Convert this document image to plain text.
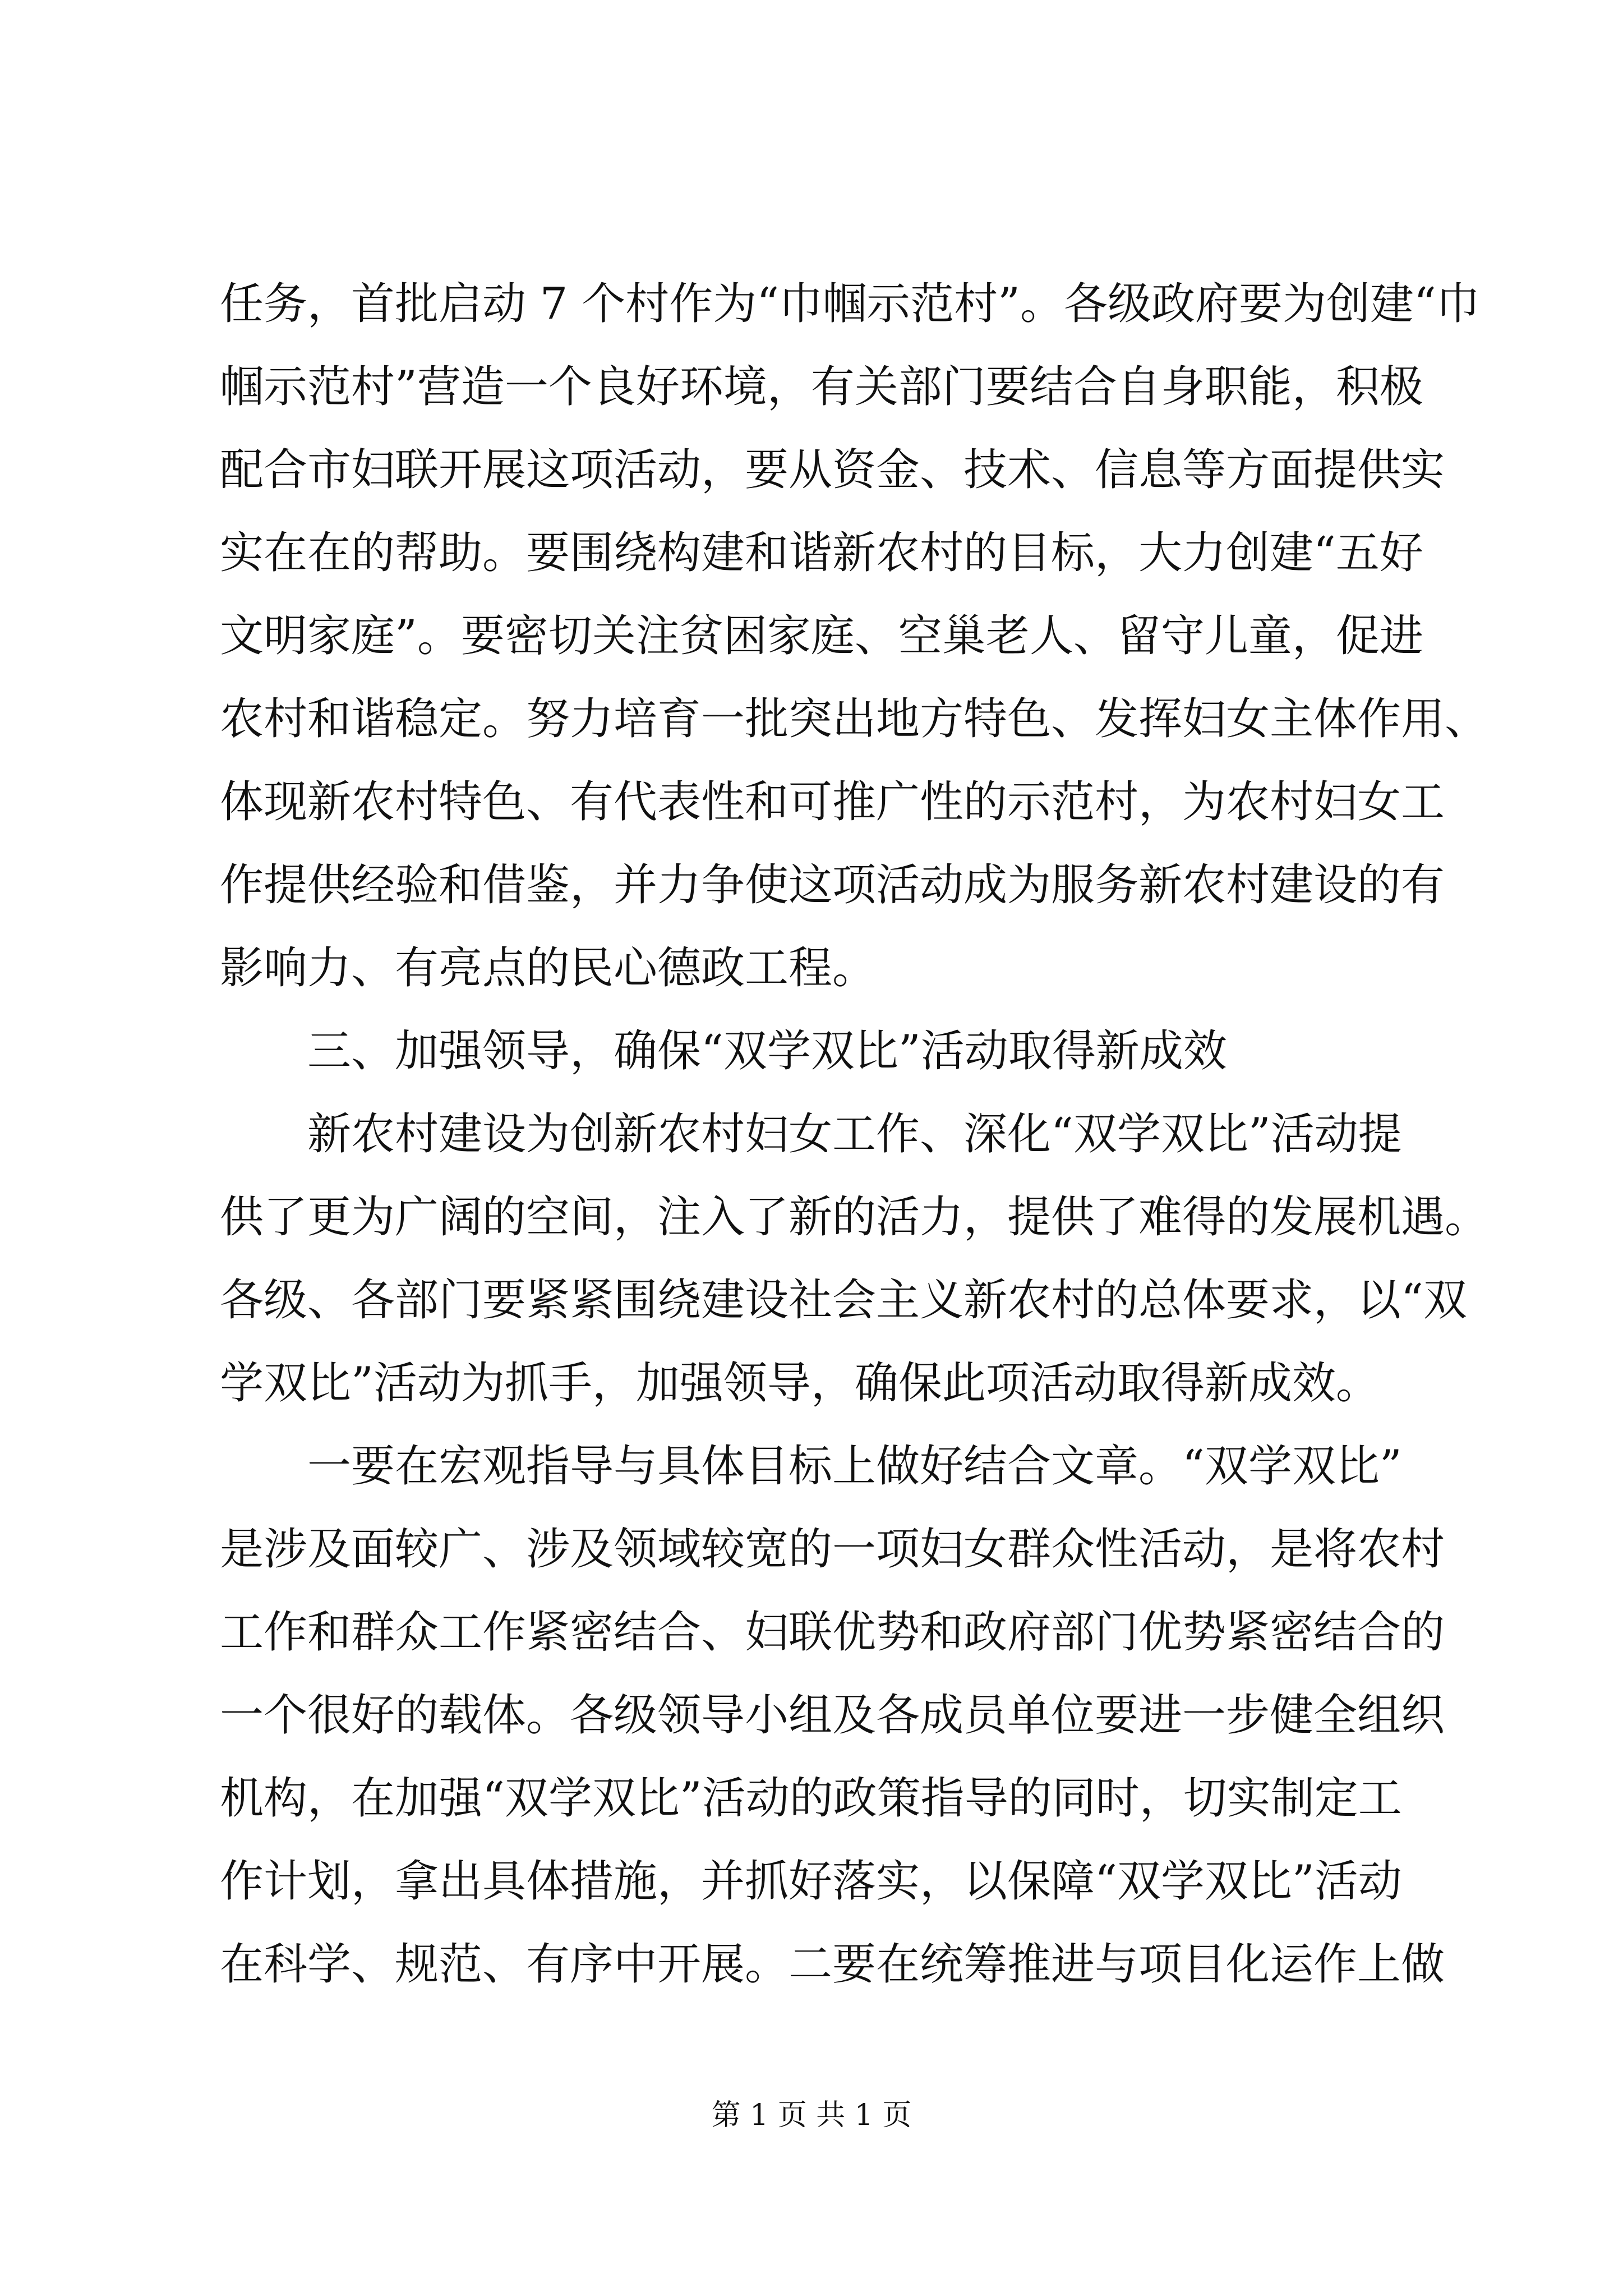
任务，首批启动 7 个村作为“巾帼示范村”。各级政府要为创建“巾
帼示范村”营造一个良好环境，有关部门要结合自身职能，积极
配合市妇联开展这项活动，要从资金、技术、信息等方面提供实
实在在的帮助。要围绕构建和谐新农村的目标，大力创建“五好
文明家庭”。要密切关注贫困家庭、空巢老人、留守儿童，促进
农村和谐稳定。努力培育一批突出地方特色、发挥妇女主体作用、
体现新农村特色、有代表性和可推广性的示范村，为农村妇女工
作提供经验和借鉴，并力争使这项活动成为服务新农村建设的有
影响力、有亮点的民心德政工程。
　　三、加强领导，确保“双学双比”活动取得新成效
　　新农村建设为创新农村妇女工作、深化“双学双比”活动提
供了更为广阔的空间，注入了新的活力，提供了难得的发展机遇。
各级、各部门要紧紧围绕建设社会主义新农村的总体要求，以“双
学双比”活动为抓手，加强领导，确保此项活动取得新成效。
　　一要在宏观指导与具体目标上做好结合文章。“双学双比”
是涉及面较广、涉及领域较宽的一项妇女群众性活动，是将农村
工作和群众工作紧密结合、妇联优势和政府部门优势紧密结合的
一个很好的载体。各级领导小组及各成员单位要进一步健全组织
机构，在加强“双学双比”活动的政策指导的同时，切实制定工
作计划，拿出具体措施，并抓好落实，以保障“双学双比”活动
在科学、规范、有序中开展。二要在统筹推进与项目化运作上做
第 1 页 共 1 页
